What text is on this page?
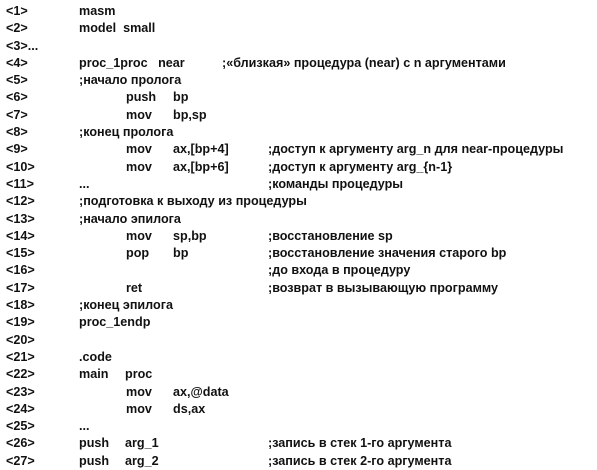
<1>	masm
<2>	model  small
<3>...
<4>	proc_1proc   near	;«близкая» процедура (near) с n аргументами
<5>	;начало пролога
<6>	push bp
<7>	mov bp,sp
<8>	;конец пролога
<9>	mov ax,[bp+4]	;доступ к аргументу arg_n для near-процедуры
<10>	mov ax,[bp+6]	;доступ к аргументу arg_{n-1}
<11>	...	;команды процедуры
<12>	;подготовка к выходу из процедуры
<13>	;начало эпилога
<14>	mov sp,bp	;восстановление sp
<15>	pop bp	;восстановление значения старого bp
<16>	;до входа в процедуру
<17>	ret	;возврат в вызывающую программу
<18>	;конец эпилога
<19>	proc_1endp
<20>
<21>	.code
<22>	main proc
<23>	mov ax,@data
<24>	mov ds,ax
<25>	...
<26>	push arg_1	;запись в стек 1-го аргумента
<27>	push arg_2	;запись в стек 2-го аргумента
